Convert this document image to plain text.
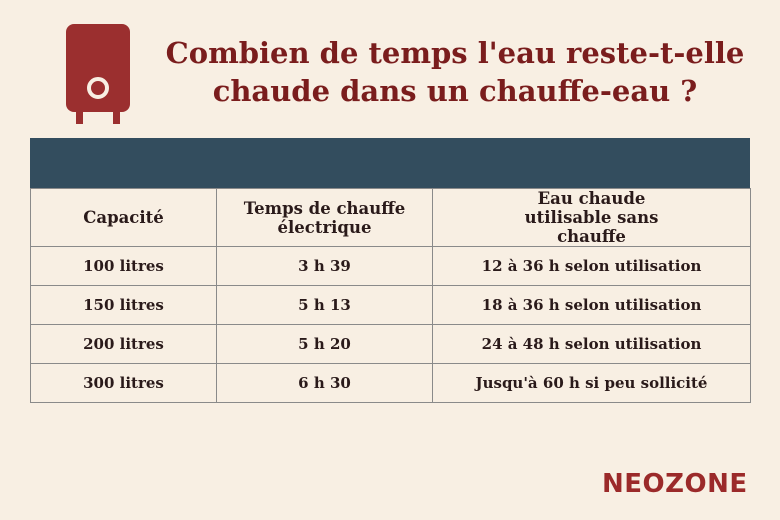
Combien de temps l'eau reste-t-elle
chaude dans un chauffe-eau ?
Capacité	Temps de chauffe électrique	Eau chaude utilisable sans chauffe
100 litres	3 h 39	12 à 36 h selon utilisation
150 litres	5 h 13	18 à 36 h selon utilisation
200 litres	5 h 20	24 à 48 h selon utilisation
300 litres	6 h 30	Jusqu'à 60 h si peu sollicité
NEOZONE
